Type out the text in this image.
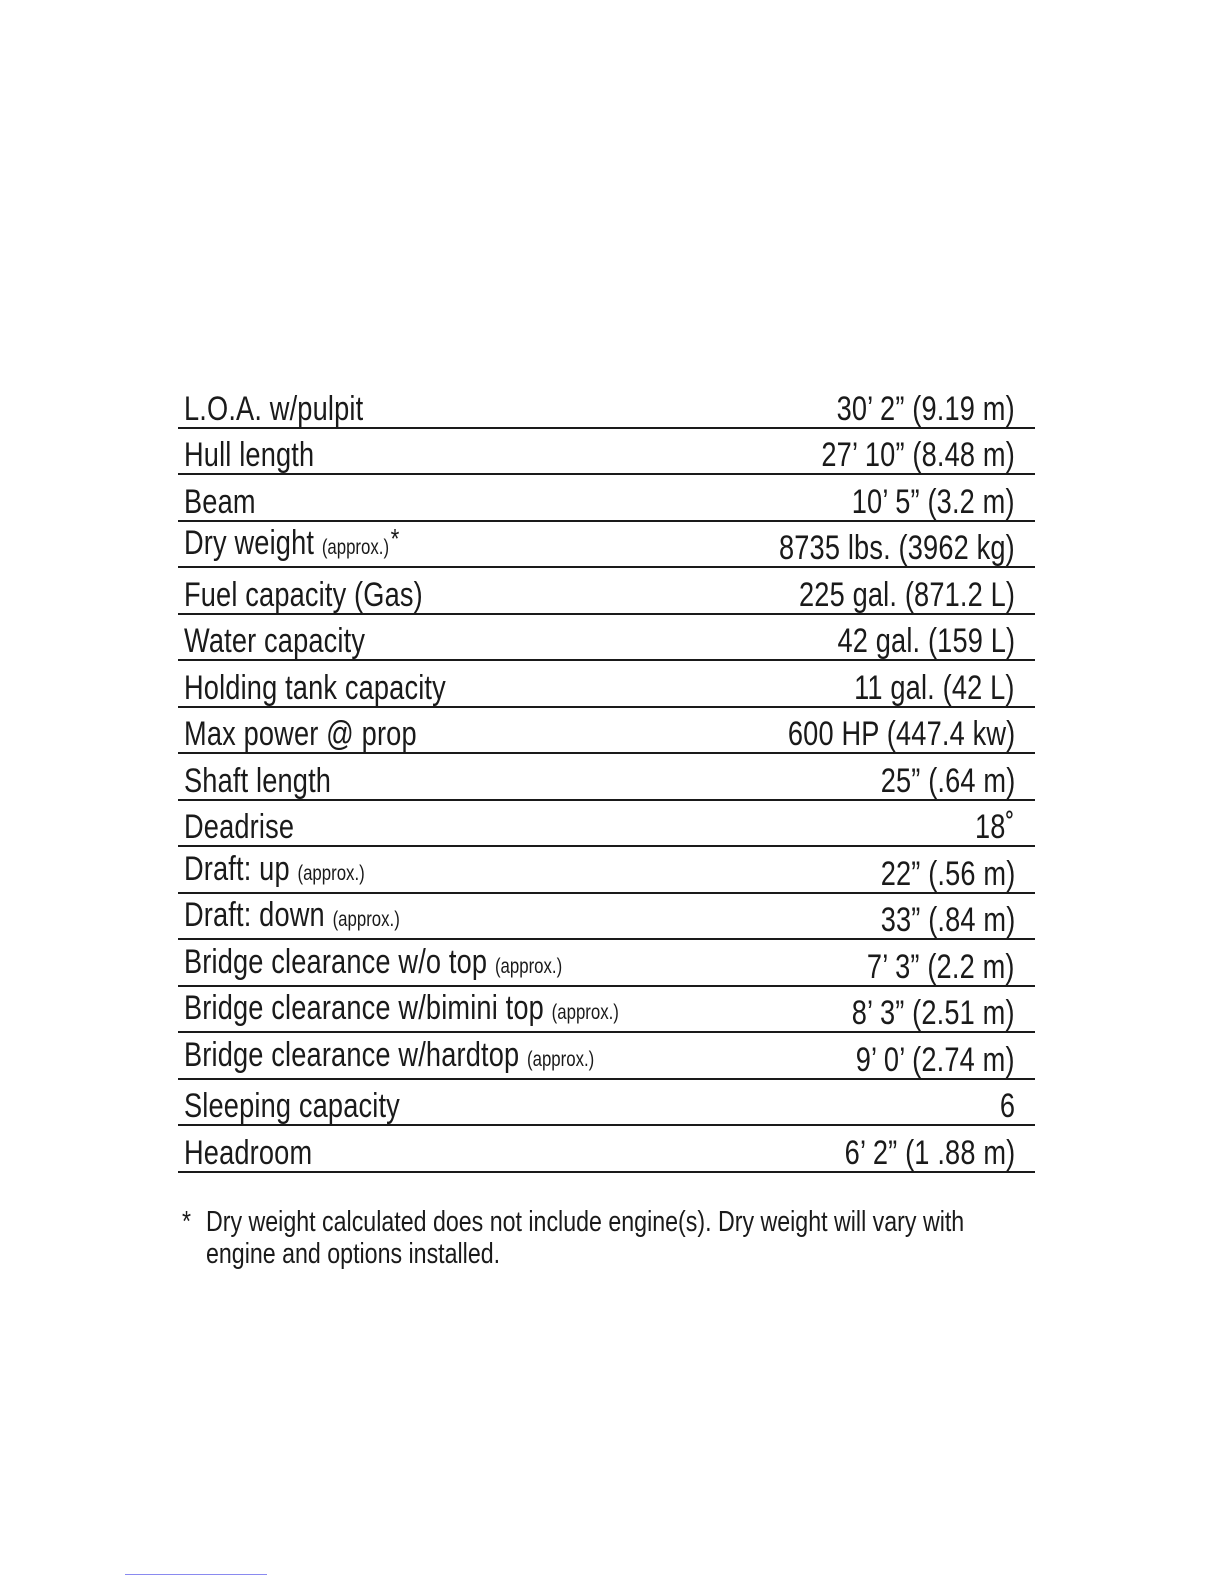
L.O.A. w/pulpit	30’ 2” (9.19 m)
Hull length	27’ 10” (8.48 m)
Beam	10’ 5” (3.2 m)
Dry weight (approx.)*	8735 lbs. (3962 kg)
Fuel capacity (Gas)	225 gal. (871.2 L)
Water capacity	42 gal. (159 L)
Holding tank capacity	11 gal. (42 L)
Max power @ prop	600 HP (447.4 kw)
Shaft length	25” (.64 m)
Deadrise	18˚
Draft: up (approx.)	22” (.56 m)
Draft: down (approx.)	33” (.84 m)
Bridge clearance w/o top (approx.)	7’ 3” (2.2 m)
Bridge clearance w/bimini top (approx.)	8’ 3” (2.51 m)
Bridge clearance w/hardtop (approx.)	9’ 0’ (2.74 m)
Sleeping capacity	6
Headroom	6’ 2” (1 .88 m)
* Dry weight calculated does not include engine(s). Dry weight will vary with engine and options installed.
